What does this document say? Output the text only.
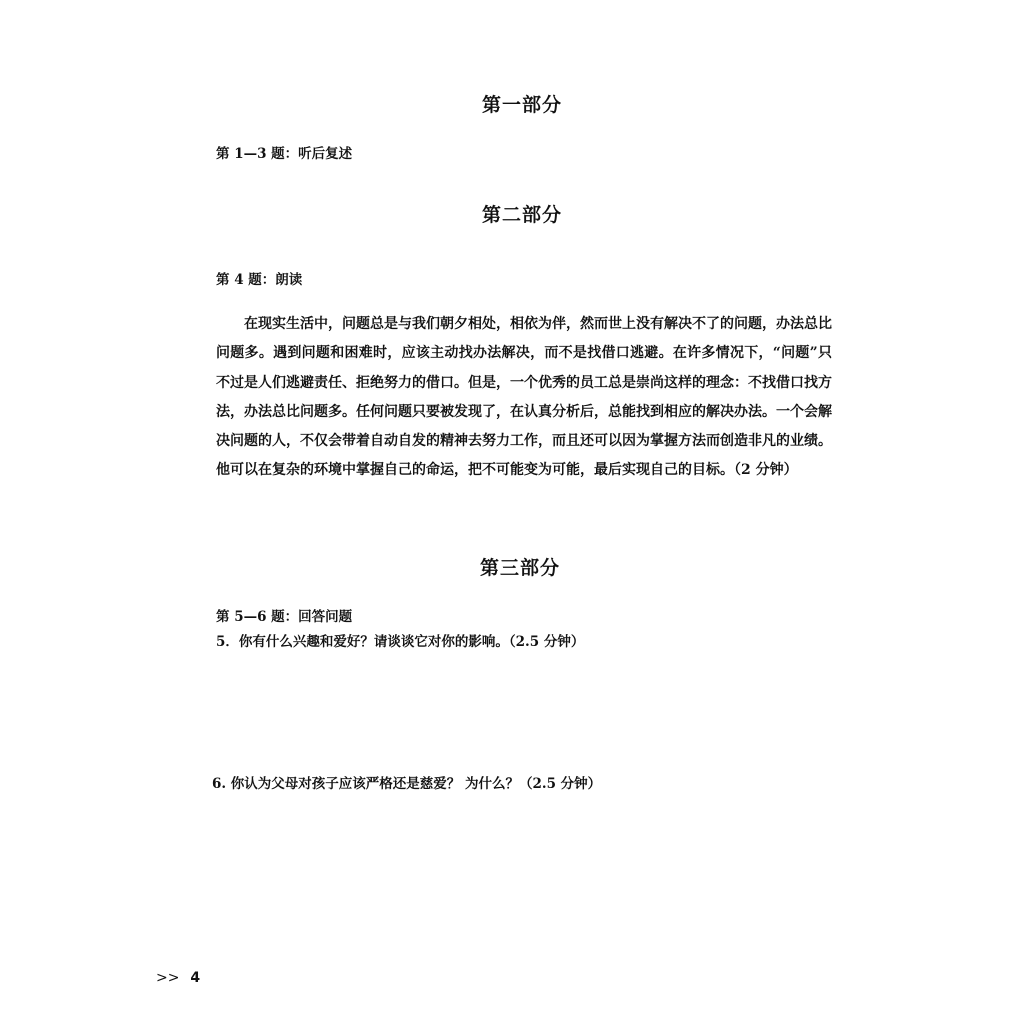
第一部分
第 1—3 题：听后复述
第二部分
第 4 题：朗读

在现实生活中，问题总是与我们朝夕相处，相依为伴，然而世上没有解决不了的问题，办法总比问题多。遇到问题和困难时，应该主动找办法解决，而不是找借口逃避。在许多情况下，“问题”只不过是人们逃避责任、拒绝努力的借口。但是，一个优秀的员工总是崇尚这样的理念：不找借口找方法，办法总比问题多。任何问题只要被发现了，在认真分析后，总能找到相应的解决办法。一个会解决问题的人，不仅会带着自动自发的精神去努力工作，而且还可以因为掌握方法而创造非凡的业绩。他可以在复杂的环境中掌握自己的命运，把不可能变为可能，最后实现自己的目标。（2 分钟）

第三部分
第 5—6 题：回答问题
5．你有什么兴趣和爱好？请谈谈它对你的影响。（2.5 分钟）
6. 你认为父母对孩子应该严格还是慈爱？ 为什么？（2.5 分钟）
>> 4
